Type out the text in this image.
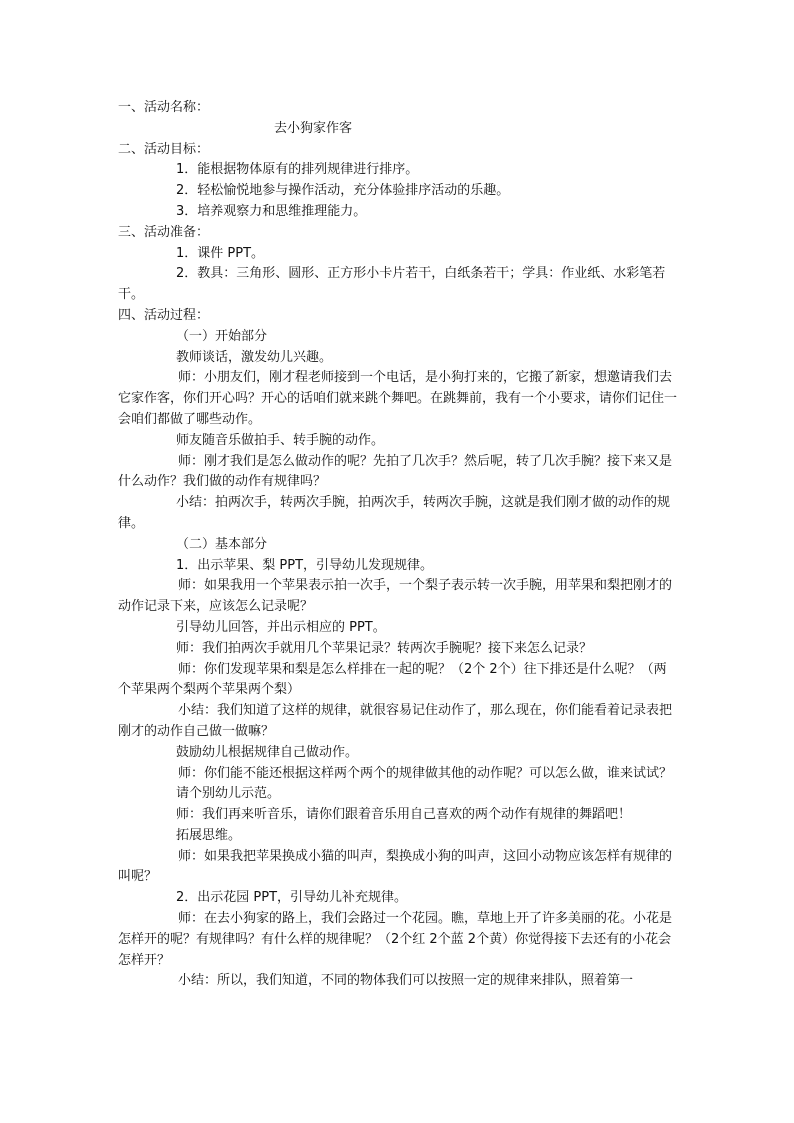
一、活动名称：
去小狗家作客
二、活动目标：
1．能根据物体原有的排列规律进行排序。
2．轻松愉悦地参与操作活动，充分体验排序活动的乐趣。
3．培养观察力和思维推理能力。
三、活动准备：
1．课件 PPT。
2．教具：三角形、圆形、正方形小卡片若干，白纸条若干；学具：作业纸、水彩笔若干。
四、活动过程：
（一）开始部分
教师谈话，激发幼儿兴趣。
师：小朋友们，刚才程老师接到一个电话，是小狗打来的，它搬了新家，想邀请我们去它家作客，你们开心吗？开心的话咱们就来跳个舞吧。在跳舞前，我有一个小要求，请你们记住一会咱们都做了哪些动作。
师友随音乐做拍手、转手腕的动作。
师：刚才我们是怎么做动作的呢？先拍了几次手？然后呢，转了几次手腕？接下来又是什么动作？我们做的动作有规律吗？
小结：拍两次手，转两次手腕，拍两次手，转两次手腕，这就是我们刚才做的动作的规律。
（二）基本部分
1．出示苹果、梨 PPT，引导幼儿发现规律。
师：如果我用一个苹果表示拍一次手，一个梨子表示转一次手腕，用苹果和梨把刚才的动作记录下来，应该怎么记录呢？
引导幼儿回答，并出示相应的 PPT。
师：我们拍两次手就用几个苹果记录？转两次手腕呢？接下来怎么记录？
师：你们发现苹果和梨是怎么样排在一起的呢？（2个 2个）往下排还是什么呢？（两个苹果两个梨两个苹果两个梨）
小结：我们知道了这样的规律，就很容易记住动作了，那么现在，你们能看着记录表把刚才的动作自己做一做嘛？
鼓励幼儿根据规律自己做动作。
师：你们能不能还根据这样两个两个的规律做其他的动作呢？可以怎么做，谁来试试？
请个别幼儿示范。
师：我们再来听音乐，请你们跟着音乐用自己喜欢的两个动作有规律的舞蹈吧！
拓展思维。
师：如果我把苹果换成小猫的叫声，梨换成小狗的叫声，这回小动物应该怎样有规律的叫呢？
2．出示花园 PPT，引导幼儿补充规律。
师：在去小狗家的路上，我们会路过一个花园。瞧，草地上开了许多美丽的花。小花是怎样开的呢？有规律吗？有什么样的规律呢？（2个红 2个蓝 2个黄）你觉得接下去还有的小花会怎样开？
小结：所以，我们知道，不同的物体我们可以按照一定的规律来排队，照着第一
